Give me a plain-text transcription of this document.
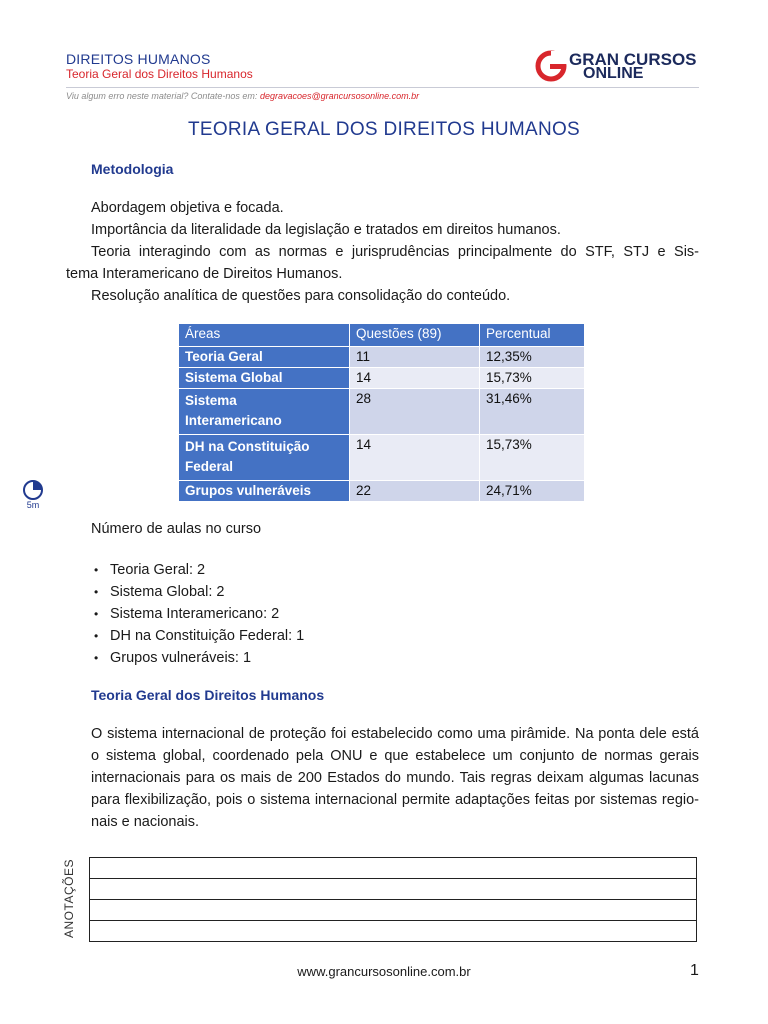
DIREITOS HUMANOS
Teoria Geral dos Direitos Humanos
Viu algum erro neste material? Contate-nos em: degravacoes@grancursosonline.com.br
GRAN CURSOS
ONLINE
TEORIA GERAL DOS DIREITOS HUMANOS
Metodologia
Abordagem objetiva e focada.
Importância da literalidade da legislação e tratados em direitos humanos.
Teoria interagindo com as normas e jurisprudências principalmente do STF, STJ e Sis-
tema Interamericano de Direitos Humanos.
Resolução analítica de questões para consolidação do conteúdo.
Áreas	Questões (89)	Percentual
Teoria Geral	11	12,35%
Sistema Global	14	15,73%
Sistema
Interamericano	28	31,46%
DH na Constituição
Federal	14	15,73%
Grupos vulneráveis	22	24,71%
5m
Número de aulas no curso
• Teoria Geral: 2
• Sistema Global: 2
• Sistema Interamericano: 2
• DH na Constituição Federal: 1
• Grupos vulneráveis: 1
Teoria Geral dos Direitos Humanos
O sistema internacional de proteção foi estabelecido como uma pirâmide. Na ponta dele está o sistema global, coordenado pela ONU e que estabelece um conjunto de normas gerais internacionais para os mais de 200 Estados do mundo. Tais regras deixam algumas lacunas para flexibilização, pois o sistema internacional permite adaptações feitas por sistemas regio- nais e nacionais.
ANOTAÇÕES
www.grancursosonline.com.br	1
